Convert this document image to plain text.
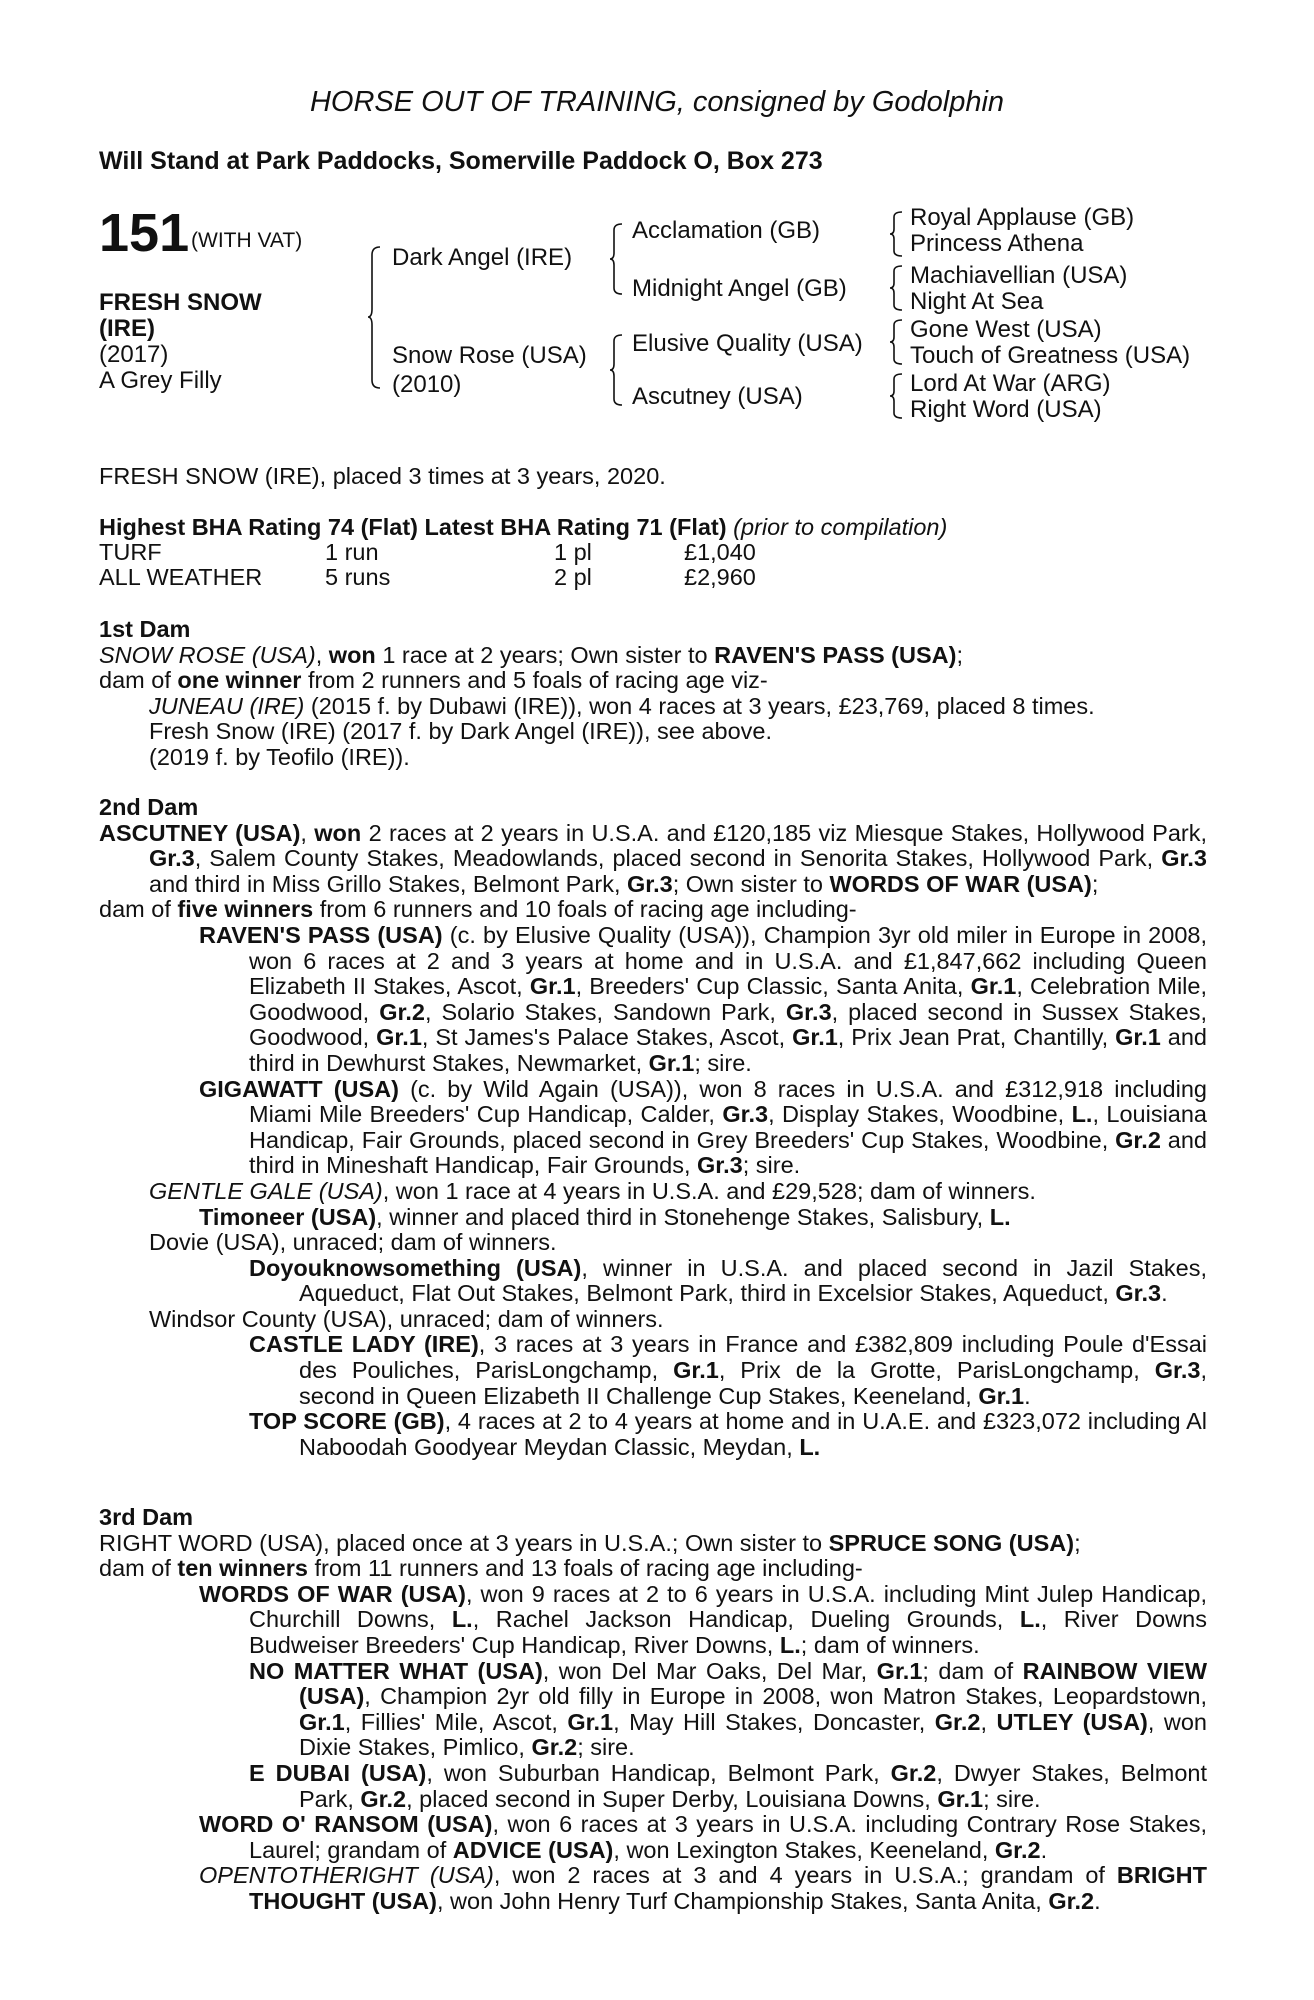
HORSE OUT OF TRAINING, consigned by Godolphin
Will Stand at Park Paddocks, Somerville Paddock O, Box 273
151 (WITH VAT)
FRESH SNOW
(IRE)
(2017)
A Grey Filly
Dark Angel (IRE)
Snow Rose (USA)
(2010)
Acclamation (GB)
Midnight Angel (GB)
Elusive Quality (USA)
Ascutney (USA)
Royal Applause (GB)
Princess Athena
Machiavellian (USA)
Night At Sea
Gone West (USA)
Touch of Greatness (USA)
Lord At War (ARG)
Right Word (USA)
FRESH SNOW (IRE), placed 3 times at 3 years, 2020.
Highest BHA Rating 74 (Flat) Latest BHA Rating 71 (Flat) (prior to compilation)
TURF	1 run	1 pl	£1,040
ALL WEATHER	5 runs	2 pl	£2,960

1st Dam

SNOW ROSE (USA), won 1 race at 2 years; Own sister to RAVEN'S PASS (USA);

dam of one winner from 2 runners and 5 foals of racing age viz-

JUNEAU (IRE) (2015 f. by Dubawi (IRE)), won 4 races at 3 years, £23,769, placed 8 times.

Fresh Snow (IRE) (2017 f. by Dark Angel (IRE)), see above.

(2019 f. by Teofilo (IRE)).

2nd Dam

ASCUTNEY (USA), won 2 races at 2 years in U.S.A. and £120,185 viz Miesque Stakes, Hollywood Park, Gr.3, Salem County Stakes, Meadowlands, placed second in Senorita Stakes, Hollywood Park, Gr.3 and third in Miss Grillo Stakes, Belmont Park, Gr.3; Own sister to WORDS OF WAR (USA);

dam of five winners from 6 runners and 10 foals of racing age including-

RAVEN'S PASS (USA) (c. by Elusive Quality (USA)), Champion 3yr old miler in Europe in 2008, won 6 races at 2 and 3 years at home and in U.S.A. and £1,847,662 including Queen Elizabeth II Stakes, Ascot, Gr.1, Breeders' Cup Classic, Santa Anita, Gr.1, Celebration Mile, Goodwood, Gr.2, Solario Stakes, Sandown Park, Gr.3, placed second in Sussex Stakes, Goodwood, Gr.1, St James's Palace Stakes, Ascot, Gr.1, Prix Jean Prat, Chantilly, Gr.1 and third in Dewhurst Stakes, Newmarket, Gr.1; sire.

GIGAWATT (USA) (c. by Wild Again (USA)), won 8 races in U.S.A. and £312,918 including Miami Mile Breeders' Cup Handicap, Calder, Gr.3, Display Stakes, Woodbine, L., Louisiana Handicap, Fair Grounds, placed second in Grey Breeders' Cup Stakes, Woodbine, Gr.2 and third in Mineshaft Handicap, Fair Grounds, Gr.3; sire.

GENTLE GALE (USA), won 1 race at 4 years in U.S.A. and £29,528; dam of winners.

Timoneer (USA), winner and placed third in Stonehenge Stakes, Salisbury, L.

Dovie (USA), unraced; dam of winners.

Doyouknowsomething (USA), winner in U.S.A. and placed second in Jazil Stakes, Aqueduct, Flat Out Stakes, Belmont Park, third in Excelsior Stakes, Aqueduct, Gr.3.

Windsor County (USA), unraced; dam of winners.

CASTLE LADY (IRE), 3 races at 3 years in France and £382,809 including Poule d'Essai des Pouliches, ParisLongchamp, Gr.1, Prix de la Grotte, ParisLongchamp, Gr.3, second in Queen Elizabeth II Challenge Cup Stakes, Keeneland, Gr.1.

TOP SCORE (GB), 4 races at 2 to 4 years at home and in U.A.E. and £323,072 including Al Naboodah Goodyear Meydan Classic, Meydan, L.

3rd Dam

RIGHT WORD (USA), placed once at 3 years in U.S.A.; Own sister to SPRUCE SONG (USA);

dam of ten winners from 11 runners and 13 foals of racing age including-

WORDS OF WAR (USA), won 9 races at 2 to 6 years in U.S.A. including Mint Julep Handicap, Churchill Downs, L., Rachel Jackson Handicap, Dueling Grounds, L., River Downs Budweiser Breeders' Cup Handicap, River Downs, L.; dam of winners.

NO MATTER WHAT (USA), won Del Mar Oaks, Del Mar, Gr.1; dam of RAINBOW VIEW (USA), Champion 2yr old filly in Europe in 2008, won Matron Stakes, Leopardstown, Gr.1, Fillies' Mile, Ascot, Gr.1, May Hill Stakes, Doncaster, Gr.2, UTLEY (USA), won Dixie Stakes, Pimlico, Gr.2; sire.

E DUBAI (USA), won Suburban Handicap, Belmont Park, Gr.2, Dwyer Stakes, Belmont Park, Gr.2, placed second in Super Derby, Louisiana Downs, Gr.1; sire.

WORD O' RANSOM (USA), won 6 races at 3 years in U.S.A. including Contrary Rose Stakes, Laurel; grandam of ADVICE (USA), won Lexington Stakes, Keeneland, Gr.2.

OPENTOTHERIGHT (USA), won 2 races at 3 and 4 years in U.S.A.; grandam of BRIGHT THOUGHT (USA), won John Henry Turf Championship Stakes, Santa Anita, Gr.2.
